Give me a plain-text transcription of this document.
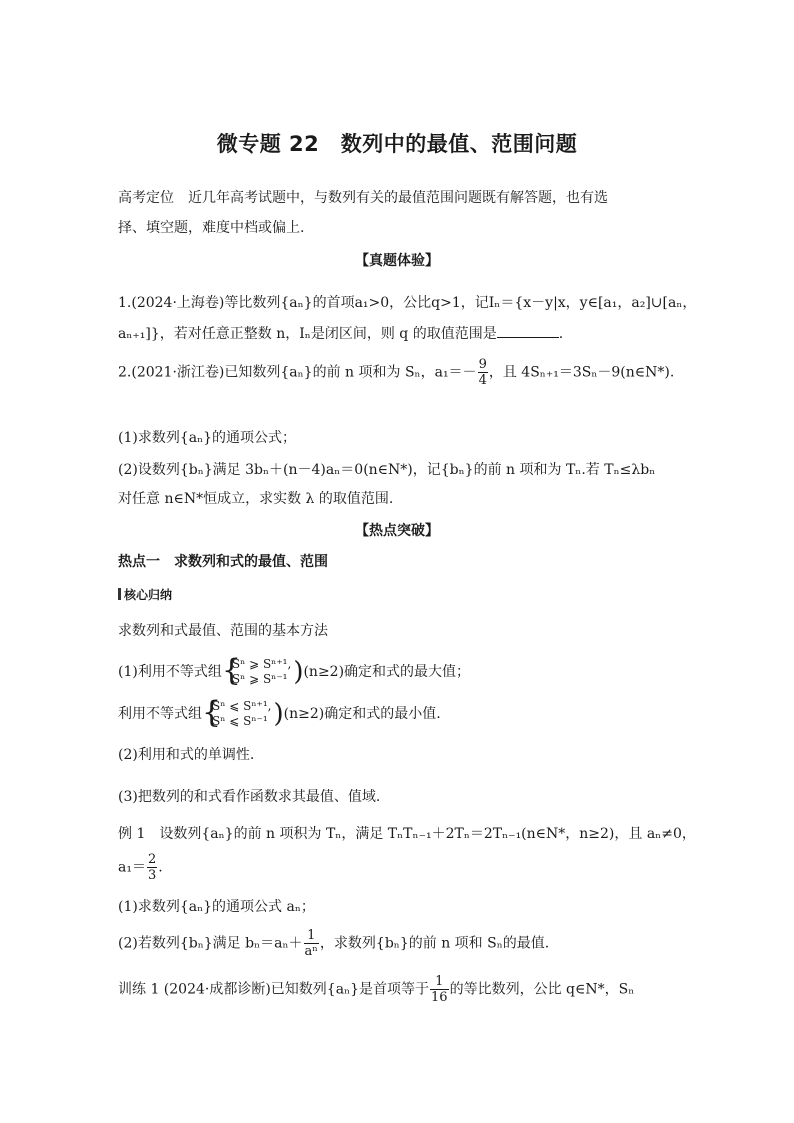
微专题 22　数列中的最值、范围问题
高考定位　近几年高考试题中，与数列有关的最值范围问题既有解答题，也有选
择、填空题，难度中档或偏上.
【真题体验】
1.(2024·上海卷)等比数列{aₙ}的首项a₁>0，公比q>1，记Iₙ＝{x－y|x，y∈[a₁，a₂]∪[aₙ，
aₙ₊₁]}，若对任意正整数 n，Iₙ是闭区间，则 q 的取值范围是	.
2.(2021·浙江卷)已知数列{aₙ}的前 n 项和为 Sₙ，$a_1=- \frac{9}{4}$ ，且 4Sₙ₊₁＝3Sₙ－9(n∈N*).
(1)求数列{aₙ}的通项公式；
(2)设数列{bₙ}满足 3bₙ＋(n－4)aₙ＝0(n∈N*)，记{bₙ}的前 n 项和为 Tₙ.若 Tₙ≤λbₙ
对任意 n∈N*恒成立，求实数 λ 的取值范围.
【热点突破】
热点一　求数列和式的最值、范围
核心归纳
求数列和式最值、范围的基本方法
(1)利用不等式组 { Sⁿ ⩾ Sⁿ⁺¹,
Sⁿ ⩾ Sⁿ⁻¹ )(n≥2)确定和式的最大值；
利用不等式组 { Sⁿ ⩽ Sⁿ⁺¹,
Sⁿ ⩽ Sⁿ⁻¹ )(n≥2)确定和式的最小值.
(2)利用和式的单调性.
(3)把数列的和式看作函数求其最值、值域.
例 1　设数列{aₙ}的前 n 项积为 Tₙ，满足 TₙTₙ₋₁＋2Tₙ＝2Tₙ₋₁(n∈N*，n≥2)，且 aₙ≠0，
$a_1= \frac{2}{3}$ .
(1)求数列{aₙ}的通项公式 aₙ；
(2)若数列{bₙ}满足 $b_n=a_n+ \frac{1}{\text{aⁿ}}$ ，求数列{bₙ}的前 n 项和 Sₙ的最值.
训练 1 (2024·成都诊断)已知数列{aₙ}是首项等于 $\frac{1}{16}$ 的等比数列，公比 q∈N*，Sₙ
